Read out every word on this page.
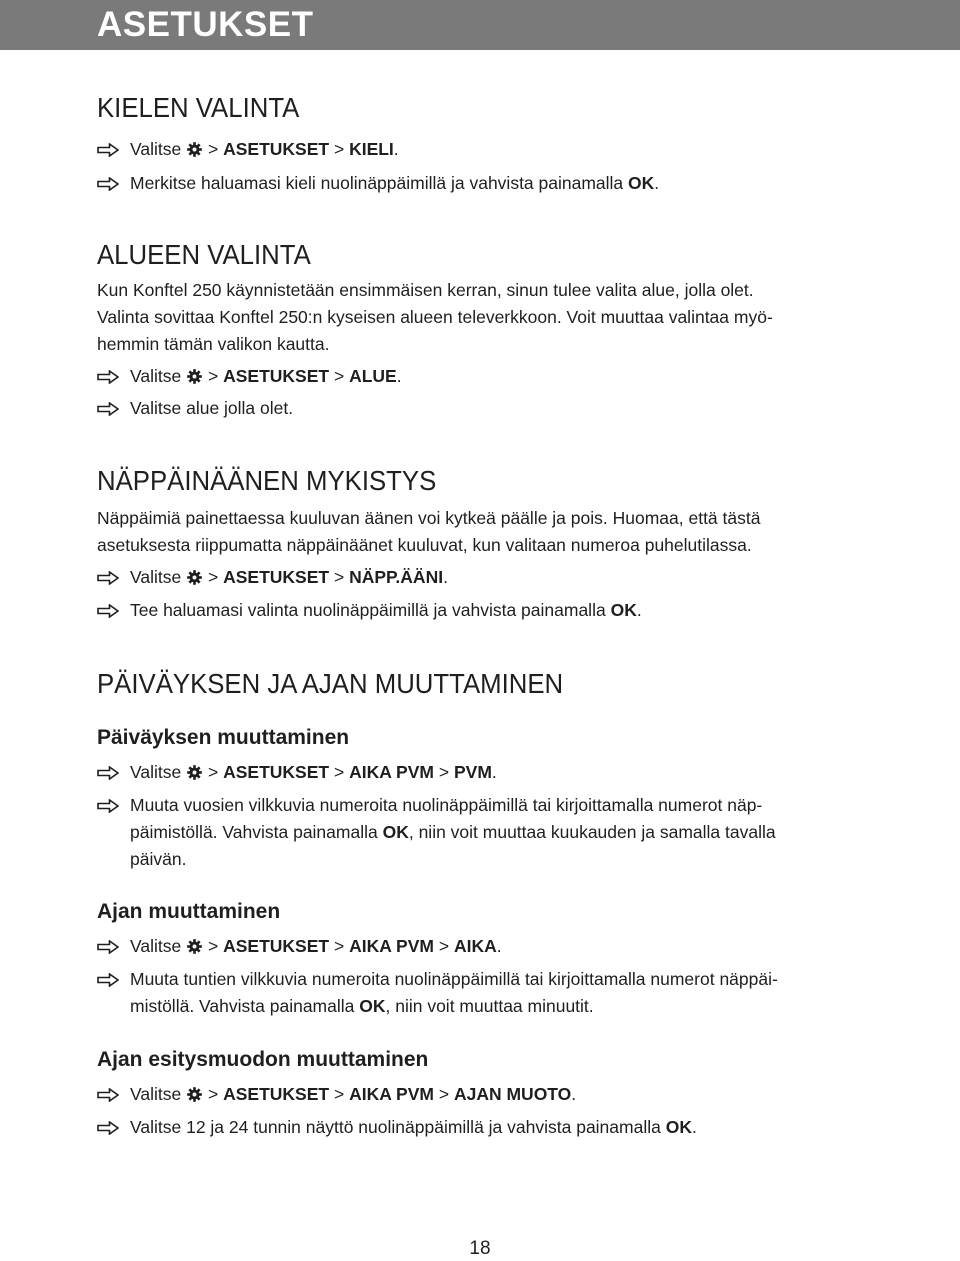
ASETUKSET
KIELEN VALINTA
Valitse > ASETUKSET > KIELI.
Merkitse haluamasi kieli nuolinäppäimillä ja vahvista painamalla OK.
ALUEEN VALINTA

Kun Konftel 250 käynnistetään ensimmäisen kerran, sinun tulee valita alue, jolla olet.

Valinta sovittaa Konftel 250:n kyseisen alueen televerkkoon. Voit muuttaa valintaa myö-

hemmin tämän valikon kautta.

Valitse > ASETUKSET > ALUE.
Valitse alue jolla olet.
NÄPPÄINÄÄNEN MYKISTYS

Näppäimiä painettaessa kuuluvan äänen voi kytkeä päälle ja pois. Huomaa, että tästä

asetuksesta riippumatta näppäinäänet kuuluvat, kun valitaan numeroa puhelutilassa.

Valitse > ASETUKSET > NÄPP.ÄÄNI.
Tee haluamasi valinta nuolinäppäimillä ja vahvista painamalla OK.
PÄIVÄYKSEN JA AJAN MUUTTAMINEN
Päiväyksen muuttaminen
Valitse > ASETUKSET > AIKA PVM > PVM.
Muuta vuosien vilkkuvia numeroita nuolinäppäimillä tai kirjoittamalla numerot näp-
päimistöllä. Vahvista painamalla OK, niin voit muuttaa kuukauden ja samalla tavalla
päivän.
Ajan muuttaminen
Valitse > ASETUKSET > AIKA PVM > AIKA.
Muuta tuntien vilkkuvia numeroita nuolinäppäimillä tai kirjoittamalla numerot näppäi-
mistöllä. Vahvista painamalla OK, niin voit muuttaa minuutit.
Ajan esitysmuodon muuttaminen
Valitse > ASETUKSET > AIKA PVM > AJAN MUOTO.
Valitse 12 ja 24 tunnin näyttö nuolinäppäimillä ja vahvista painamalla OK.
18
